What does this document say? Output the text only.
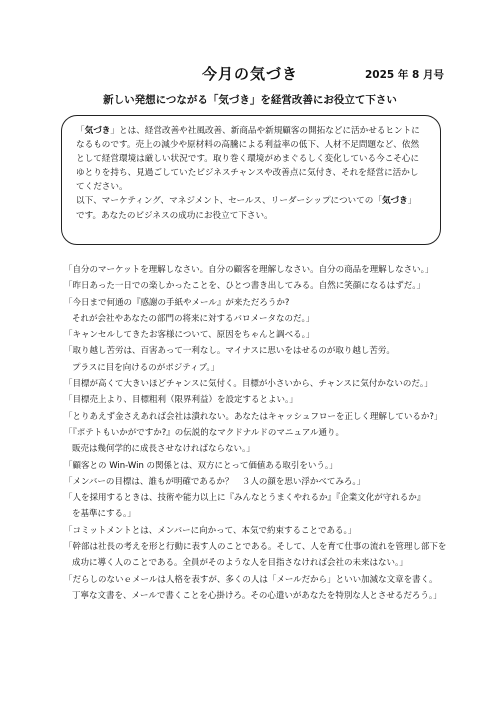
今月の気づき	2025 年 8 月号
新しい発想につながる「気づき」を経営改善にお役立て下さい
「気づき」とは、経営改善や社風改善、新商品や新規顧客の開拓などに活かせるヒントに
なるものです。売上の減少や原材料の高騰による利益率の低下、人材不足問題など、依然
として経営環境は厳しい状況です。取り巻く環境がめまぐるしく変化している今こそ心に
ゆとりを持ち、見過ごしていたビジネスチャンスや改善点に気付き、それを経営に活かし
てください。
以下、マーケティング、マネジメント、セールス、リーダーシップについての「気づき」
です。あなたのビジネスの成功にお役立て下さい。
「自分のマーケットを理解しなさい。自分の顧客を理解しなさい。自分の商品を理解しなさい。」
「昨日あった一日での楽しかったことを、ひとつ書き出してみる。自然に笑顔になるはずだ。」
「今日まで何通の『感謝の手紙やメール』が来ただろうか?
それが会社やあなたの部門の将来に対するバロメータなのだ。」
「キャンセルしてきたお客様について、原因をちゃんと調べる。」
「取り越し苦労は、百害あって一利なし。マイナスに思いをはせるのが取り越し苦労。
プラスに目を向けるのがポジティブ。」
「目標が高くて大きいほどチャンスに気付く。目標が小さいから、チャンスに気付かないのだ。」
「目標売上より、目標粗利（限界利益）を設定するとよい。」
「とりあえず金さえあれば会社は潰れない。あなたはキャッシュフローを正しく理解しているか?」
「『ポテトもいかがですか?』の伝説的なマクドナルドのマニュアル通り。
販売は幾何学的に成長させなければならない。」
「顧客との Win-Win の関係とは、双方にとって価値ある取引をいう。」
「メンバーの目標は、誰もが明確であるか？　３人の顔を思い浮かべてみろ。」
「人を採用するときは、技術や能力以上に『みんなとうまくやれるか』『企業文化が守れるか』
を基準にする。」
「コミットメントとは、メンバーに向かって、本気で約束することである。」
「幹部は社長の考えを形と行動に表す人のことである。そして、人を育て仕事の流れを管理し部下を
成功に導く人のことである。全員がそのような人を目指さなければ会社の未来はない。」
「だらしのないｅメールは人格を表すが、多くの人は「メールだから」といい加減な文章を書く。
丁寧な文書を、メールで書くことを心掛けろ。その心遣いがあなたを特別な人とさせるだろう。」
